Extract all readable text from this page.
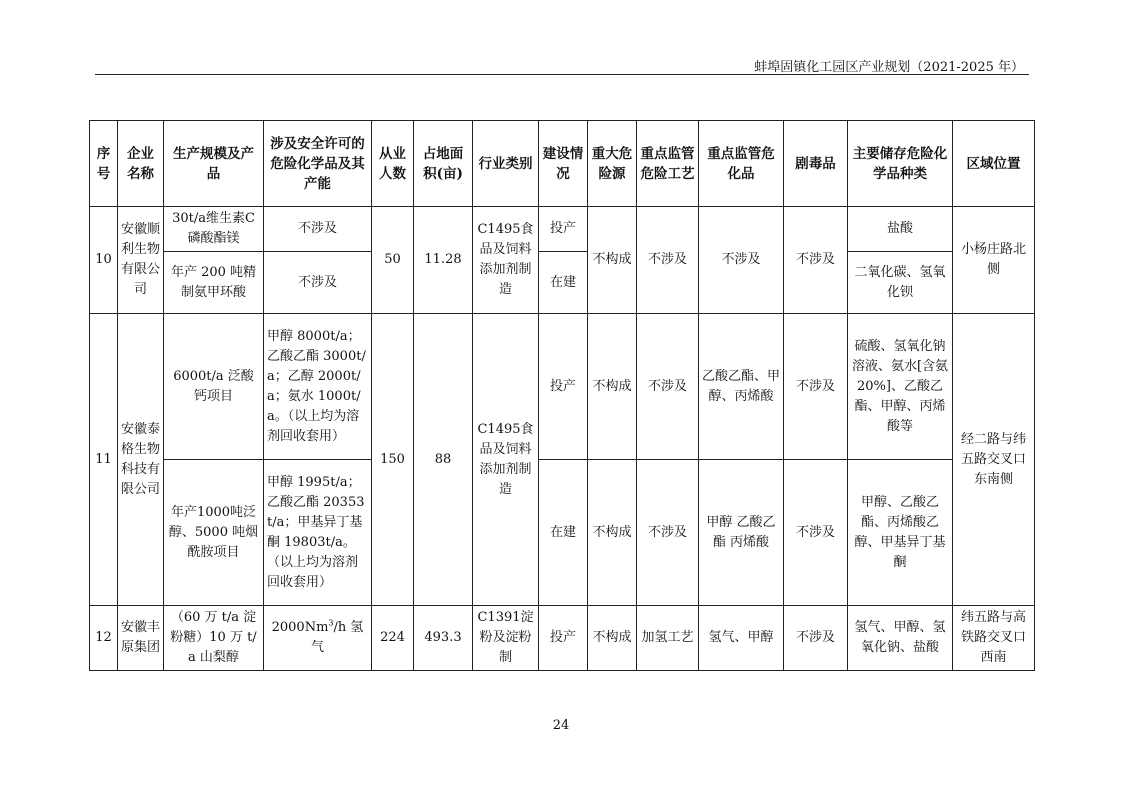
蚌埠固镇化工园区产业规划（2021-2025 年）
序号	企业名称	生产规模及产品	涉及安全许可的危险化学品及其产能	从业人数	占地面积(亩)	行业类别	建设情况	重大危险源	重点监管危险工艺	重点监管危化品	剧毒品	主要储存危险化学品种类	区域位置
10	安徽顺利生物有限公司	30t/a维生素C磷酸酯镁	不涉及	50	11.28	C1495食品及饲料添加剂制造	投产	不构成	不涉及	不涉及	不涉及	盐酸	小杨庄路北侧
		年产 200 吨精制氨甲环酸	不涉及				在建					二氧化碳、氢氧化钡	
11	安徽泰格生物科技有限公司	6000t/a 泛酸钙项目	甲醇 8000t/a；乙酸乙酯 3000t/a；乙醇 2000t/a；氨水 1000t/a。（以上均为溶剂回收套用）	150	88	C1495食品及饲料添加剂制造	投产	不构成	不涉及	乙酸乙酯、甲醇、丙烯酸	不涉及	硫酸、氢氧化钠溶液、氨水[含氨 20%]、乙酸乙酯、甲醇、丙烯酸等	经二路与纬五路交叉口东南侧
		年产1000吨泛醇、5000 吨烟酰胺项目	甲醇 1995t/a；乙酸乙酯 20353t/a；甲基异丁基酮 19803t/a。（以上均为溶剂回收套用）				在建	不构成	不涉及	甲醇 乙酸乙酯 丙烯酸	不涉及	甲醇、乙酸乙酯、丙烯酸乙醇、甲基异丁基酮	
12	安徽丰原集团	（60 万 t/a 淀粉糖）10 万 t/a 山梨醇	2000Nm$^3$/h 氢气	224	493.3	C1391淀粉及淀粉制	投产	不构成	加氢工艺	氢气、甲醇	不涉及	氢气、甲醇、氢氧化钠、盐酸	纬五路与高铁路交叉口西南
24
